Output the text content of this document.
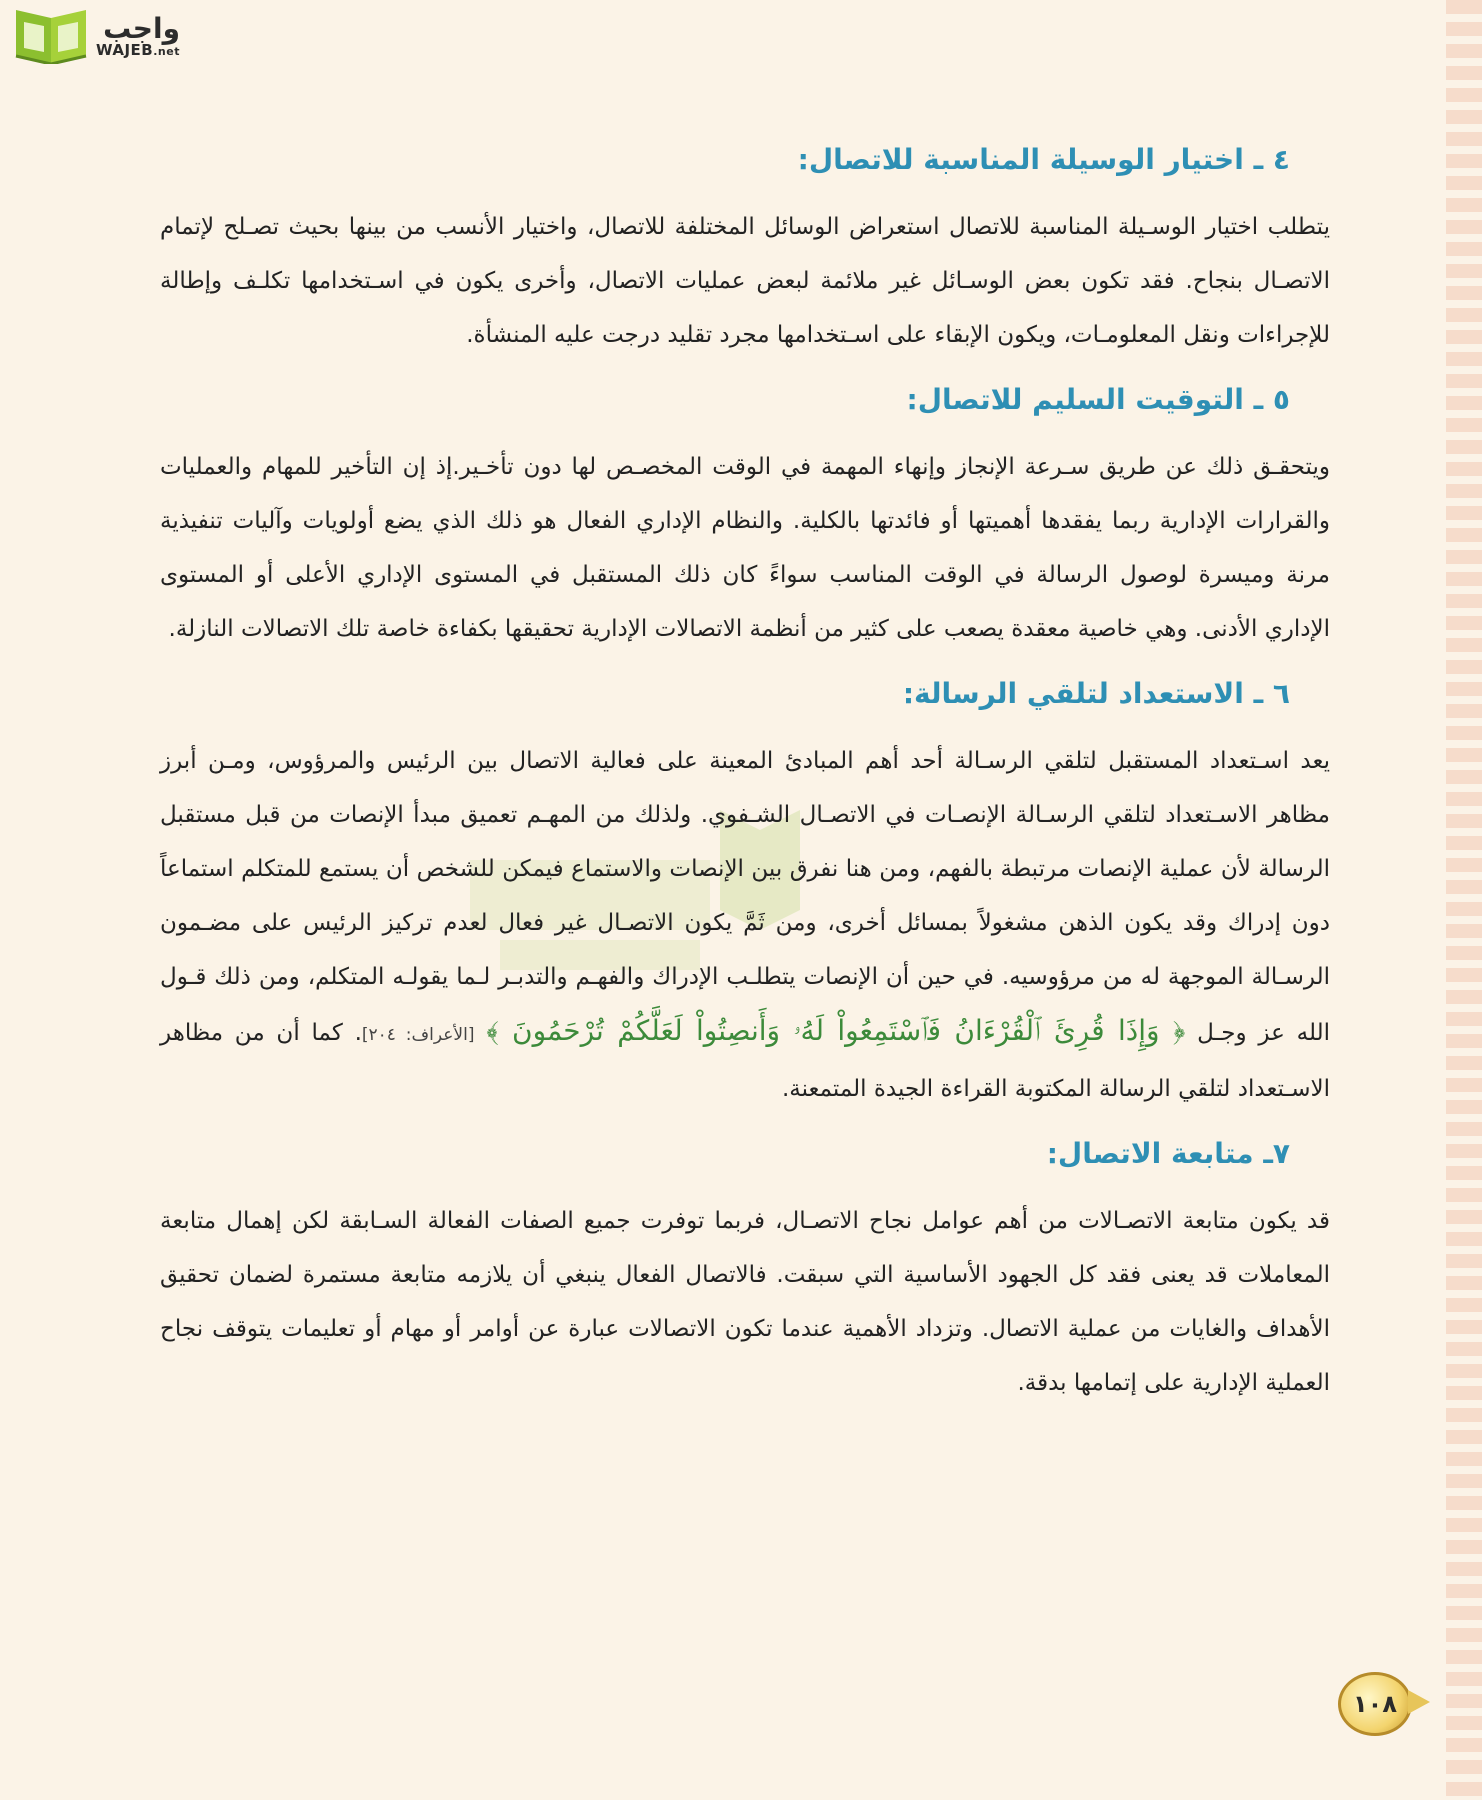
واجب
WAJEB.net
٤ ـ اختيار الوسيلة المناسبة للاتصال:

يتطلب اختيار الوسـيلة المناسبة للاتصال استعراض الوسائل المختلفة للاتصال، واختيار الأنسب من بينها بحيث تصـلح لإتمام الاتصـال بنجاح. فقد تكون بعض الوسـائل غير ملائمة لبعض عمليات الاتصال، وأخرى يكون في اسـتخدامها تكلـف وإطالة للإجراءات ونقل المعلومـات، ويكون الإبقاء على اسـتخدامها مجرد تقليد درجت عليه المنشأة.

٥ ـ التوقيت السليم للاتصال:

ويتحقـق ذلك عن طريق سـرعة الإنجاز وإنهاء المهمة في الوقت المخصـص لها دون تأخـير.إذ إن التأخير للمهام والعمليات والقرارات الإدارية ربما يفقدها أهميتها أو فائدتها بالكلية. والنظام الإداري الفعال هو ذلك الذي يضع أولويات وآليات تنفيذية مرنة وميسرة لوصول الرسالة في الوقت المناسب سواءً كان ذلك المستقبل في المستوى الإداري الأعلى أو المستوى الإداري الأدنى. وهي خاصية معقدة يصعب على كثير من أنظمة الاتصالات الإدارية تحقيقها بكفاءة خاصة تلك الاتصالات النازلة.

٦ ـ الاستعداد لتلقي الرسالة:

يعد اسـتعداد المستقبل لتلقي الرسـالة أحد أهم المبادئ المعينة على فعالية الاتصال بين الرئيس والمرؤوس، ومـن أبرز مظاهر الاسـتعداد لتلقي الرسـالة الإنصـات في الاتصـال الشـفوي. ولذلك من المهـم تعميق مبدأ الإنصات من قبل مستقبل الرسالة لأن عملية الإنصات مرتبطة بالفهم، ومن هنا نفرق بين الإنصات والاستماع فيمكن للشخص أن يستمع للمتكلم استماعاً دون إدراك وقد يكون الذهن مشغولاً بمسائل أخرى، ومن ثَمَّ يكون الاتصـال غير فعال لعدم تركيز الرئيس على مضـمون الرسـالة الموجهة له من مرؤوسيه. في حين أن الإنصات يتطلـب الإدراك والفهـم والتدبـر لـما يقولـه المتكلم، ومن ذلك قـول الله عز وجـل ﴿ وَإِذَا قُرِئَ ٱلْقُرْءَانُ فَٱسْتَمِعُواْ لَهُۥ وَأَنصِتُواْ لَعَلَّكُمْ تُرْحَمُونَ ﴾ [الأعراف: ٢٠٤]. كما أن من مظاهر الاسـتعداد لتلقي الرسالة المكتوبة القراءة الجيدة المتمعنة.

٧ـ متابعة الاتصال:

قد يكون متابعة الاتصـالات من أهم عوامل نجاح الاتصـال، فربما توفرت جميع الصفات الفعالة السـابقة لكن إهمال متابعة المعاملات قد يعنى فقد كل الجهود الأساسية التي سبقت. فالاتصال الفعال ينبغي أن يلازمه متابعة مستمرة لضمان تحقيق الأهداف والغايات من عملية الاتصال. وتزداد الأهمية عندما تكون الاتصالات عبارة عن أوامر أو مهام أو تعليمات يتوقف نجاح العملية الإدارية على إتمامها بدقة.

١٠٨
